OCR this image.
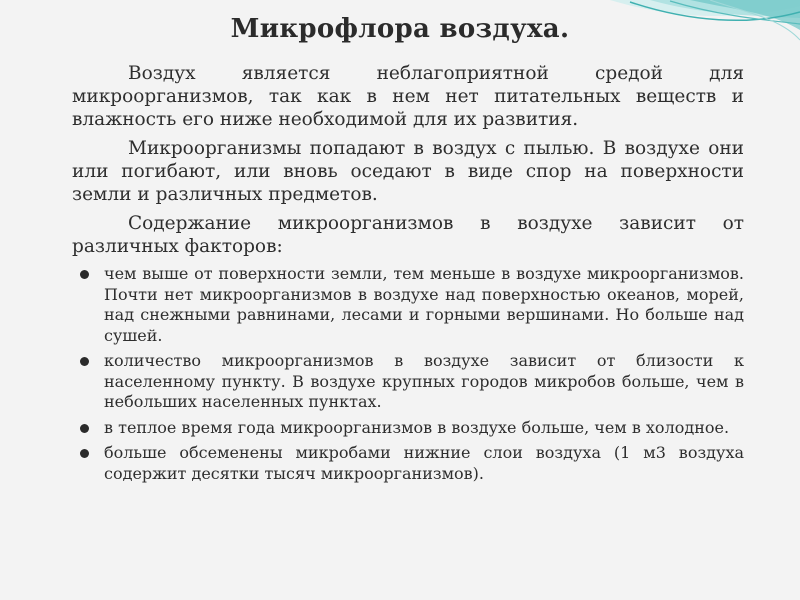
Микрофлора воздуха.

Воздух является неблагоприятной средой для микроорганизмов, так как в нем нет питательных веществ и влажность его ниже необходимой для их развития.

Микроорганизмы попадают в воздух с пылью. В воздухе они или погибают, или вновь оседают в виде спор на поверхности земли и различных предметов.

Содержание микроорганизмов в воздухе зависит от различных факторов:

чем выше от поверхности земли, тем меньше в воздухе микроорганизмов. Почти нет микроорганизмов в воздухе над поверхностью океанов, морей, над снежными равнинами, лесами и горными вершинами. Но больше над сушей.
количество микроорганизмов в воздухе зависит от близости к населенному пункту. В воздухе крупных городов микробов больше, чем в небольших населенных пунктах.
в теплое время года микроорганизмов в воздухе больше, чем в холодное.
больше обсеменены микробами нижние слои воздуха (1 м3 воздуха содержит десятки тысяч микроорганизмов).
